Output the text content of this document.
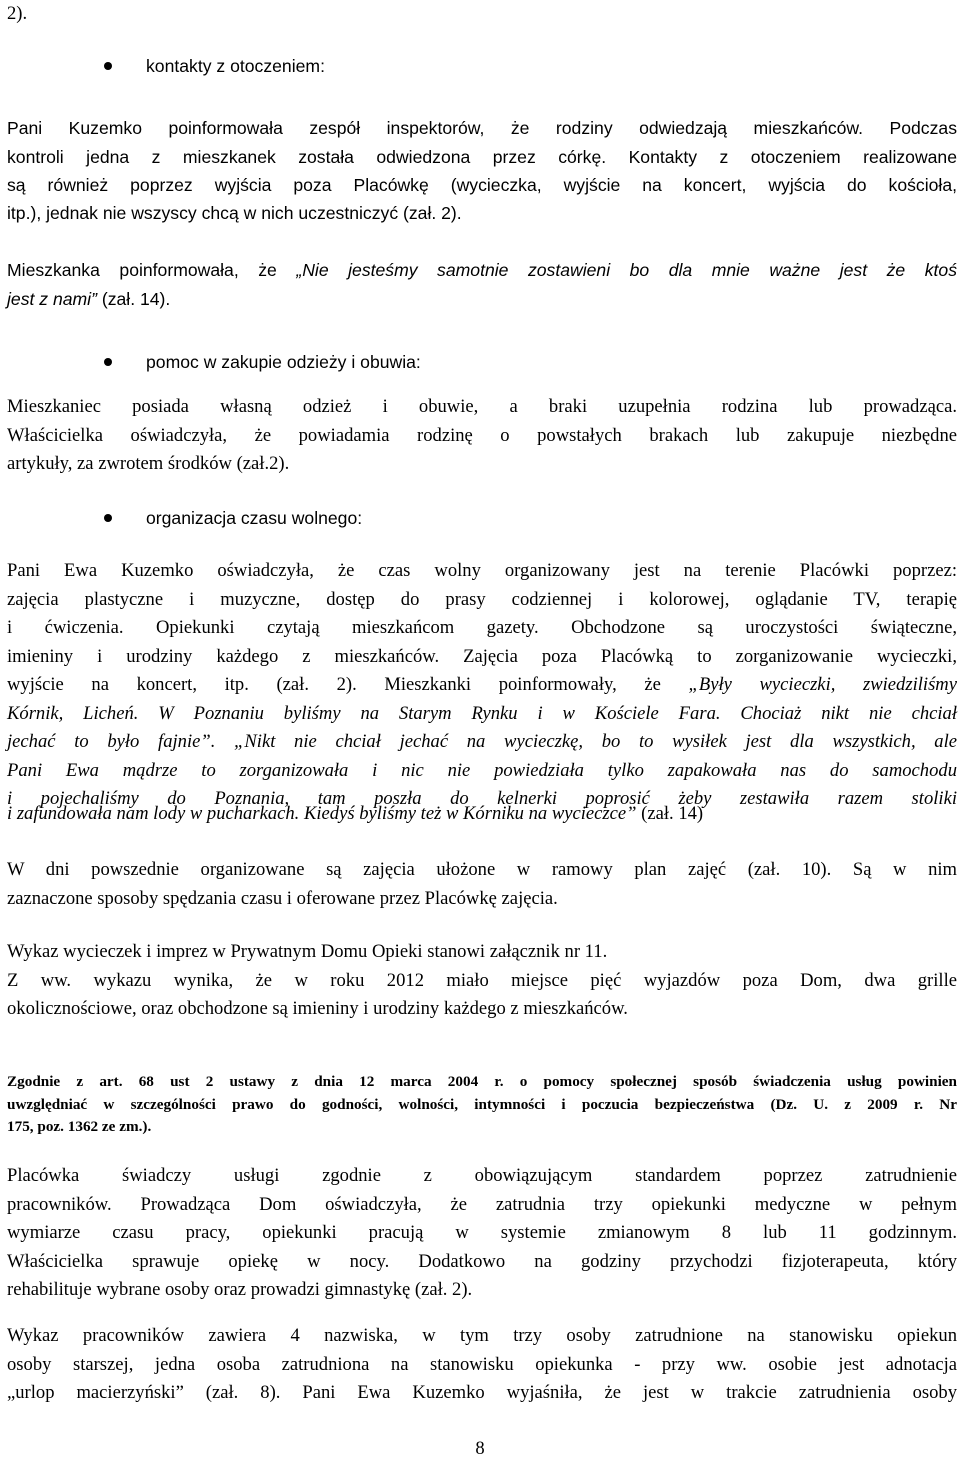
2).

kontakty z otoczeniem:

Pani Kuzemko poinformowała zespół inspektorów, że rodziny odwiedzają mieszkańców. Podczas
kontroli jedna z mieszkanek została odwiedzona przez córkę. Kontakty z otoczeniem realizowane
są również poprzez wyjścia poza Placówkę (wycieczka, wyjście na koncert, wyjścia do kościoła,

itp.), jednak nie wszyscy chcą w nich uczestniczyć (zał. 2).

Mieszkanka poinformowała, że „Nie jesteśmy samotnie zostawieni bo dla mnie ważne jest że ktoś

jest z nami” (zał. 14).

pomoc w zakupie odzieży i obuwia:

Mieszkaniec posiada własną odzież i obuwie, a braki uzupełnia rodzina lub prowadząca.
Właścicielka oświadczyła, że powiadamia rodzinę o powstałych brakach lub zakupuje niezbędne

artykuły, za zwrotem środków (zał.2).

organizacja czasu wolnego:

Pani Ewa Kuzemko oświadczyła, że czas wolny organizowany jest na terenie Placówki poprzez:
zajęcia plastyczne i muzyczne, dostęp do prasy codziennej i kolorowej, oglądanie TV, terapię
i ćwiczenia. Opiekunki czytają mieszkańcom gazety. Obchodzone są uroczystości świąteczne,
imieniny i urodziny każdego z mieszkańców. Zajęcia poza Placówką to zorganizowanie wycieczki,
wyjście na koncert, itp. (zał. 2). Mieszkanki poinformowały, że „Były wycieczki, zwiedziliśmy
Kórnik, Licheń. W Poznaniu byliśmy na Starym Rynku i w Kościele Fara. Chociaż nikt nie chciał
jechać to było fajnie”. „Nikt nie chciał jechać na wycieczkę, bo to wysiłek jest dla wszystkich, ale
Pani Ewa mądrze to zorganizowała i nic nie powiedziała tylko zapakowała nas do samochodu
i pojechaliśmy do Poznania, tam poszła do kelnerki poprosić żeby zestawiła razem stoliki

i zafundowała nam lody w pucharkach. Kiedyś byliśmy też w Kórniku na wycieczce” (zał. 14)

W dni powszednie organizowane są zajęcia ułożone w ramowy plan zajęć (zał. 10). Są w nim

zaznaczone sposoby spędzania czasu i oferowane przez Placówkę zajęcia.

Wykaz wycieczek i imprez w Prywatnym Domu Opieki stanowi załącznik nr 11.

Z ww. wykazu wynika, że w roku 2012 miało miejsce pięć wyjazdów poza Dom, dwa grille

okolicznościowe, oraz obchodzone są imieniny i urodziny każdego z mieszkańców.

Zgodnie z art. 68 ust 2 ustawy z dnia 12 marca 2004 r. o pomocy społecznej sposób świadczenia usług powinien
uwzględniać w szczególności prawo do godności, wolności, intymności i poczucia bezpieczeństwa (Dz. U. z 2009 r. Nr

175, poz. 1362 ze zm.).

Placówka świadczy usługi zgodnie z obowiązującym standardem poprzez zatrudnienie
pracowników. Prowadząca Dom oświadczyła, że zatrudnia trzy opiekunki medyczne w pełnym
wymiarze czasu pracy, opiekunki pracują w systemie zmianowym 8 lub 11 godzinnym.
Właścicielka sprawuje opiekę w nocy. Dodatkowo na godziny przychodzi fizjoterapeuta, który

rehabilituje wybrane osoby oraz prowadzi gimnastykę (zał. 2).

Wykaz pracowników zawiera 4 nazwiska, w tym trzy osoby zatrudnione na stanowisku opiekun
osoby starszej, jedna osoba zatrudniona na stanowisku opiekunka - przy ww. osobie jest adnotacja
„urlop macierzyński” (zał. 8). Pani Ewa Kuzemko wyjaśniła, że jest w trakcie zatrudnienia osoby

8
